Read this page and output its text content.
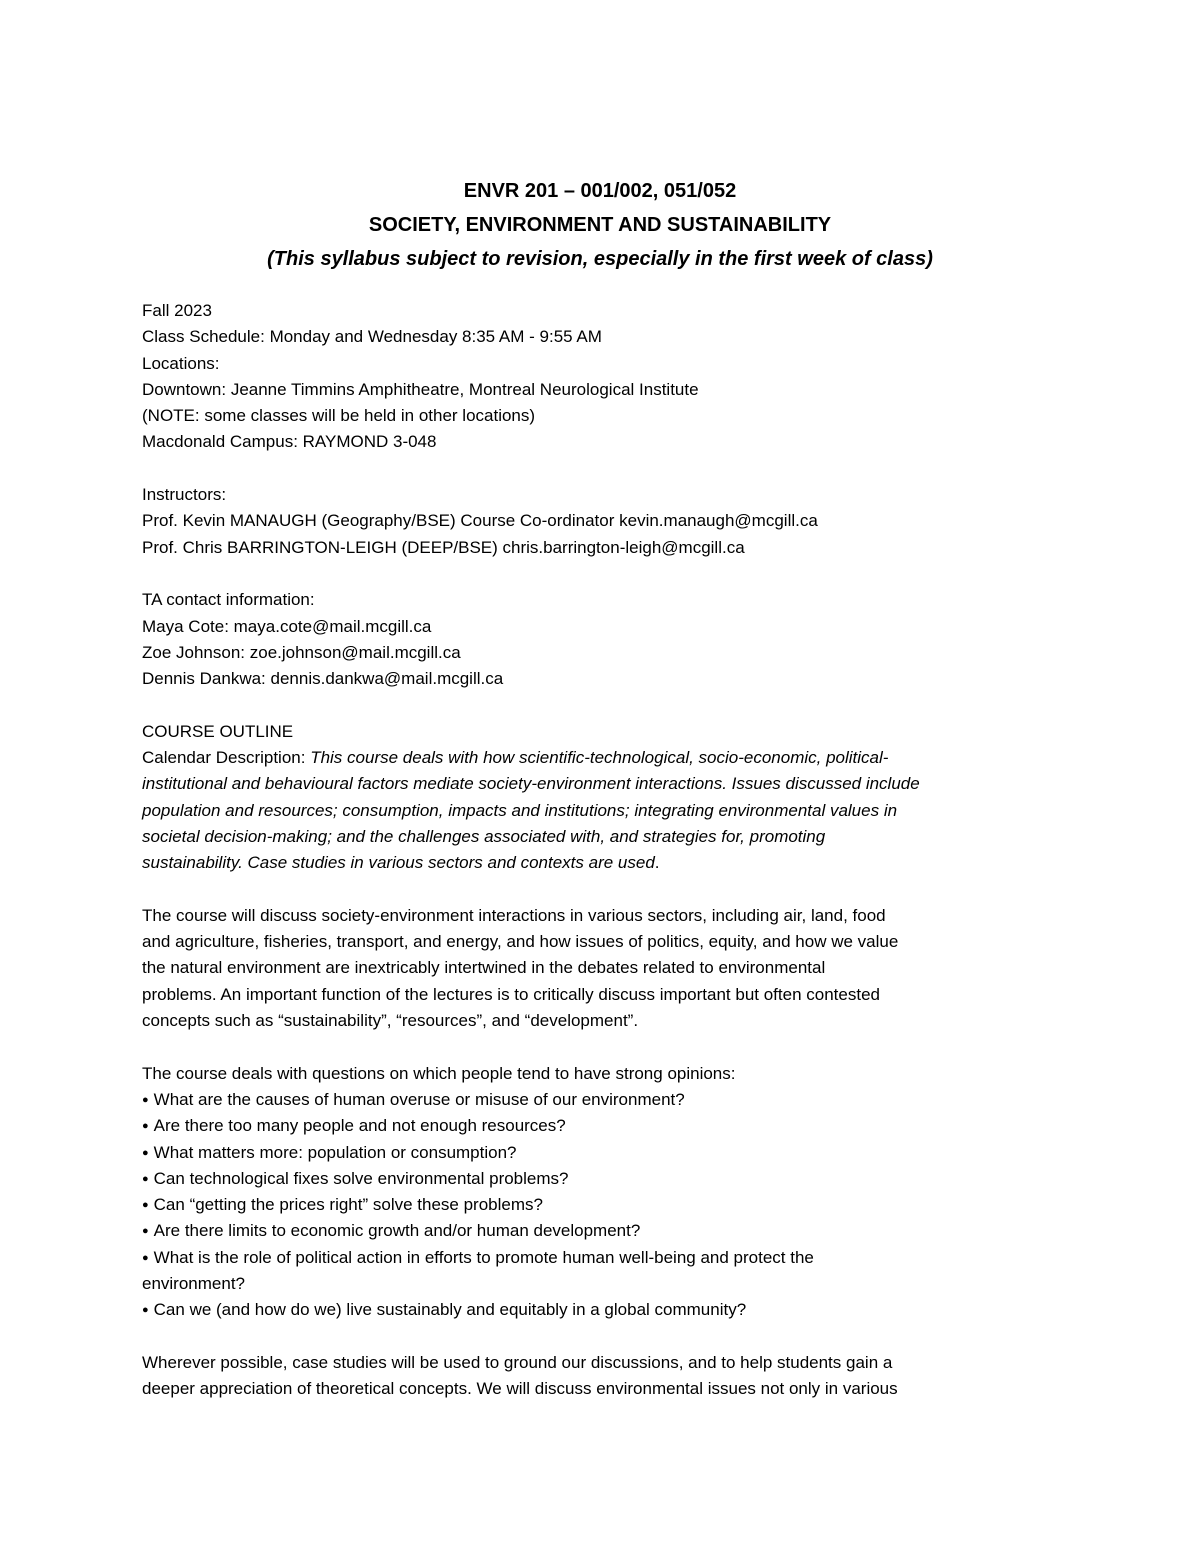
ENVR 201 – 001/002, 051/052
SOCIETY, ENVIRONMENT AND SUSTAINABILITY
(This syllabus subject to revision, especially in the first week of class)
Fall 2023
Class Schedule: Monday and Wednesday 8:35 AM - 9:55 AM
Locations:
Downtown: Jeanne Timmins Amphitheatre, Montreal Neurological Institute
(NOTE: some classes will be held in other locations)
Macdonald Campus: RAYMOND 3-048
Instructors:
Prof. Kevin MANAUGH (Geography/BSE) Course Co-ordinator kevin.manaugh@mcgill.ca
Prof. Chris BARRINGTON-LEIGH (DEEP/BSE) chris.barrington-leigh@mcgill.ca
TA contact information:
Maya Cote: maya.cote@mail.mcgill.ca
Zoe Johnson: zoe.johnson@mail.mcgill.ca
Dennis Dankwa: dennis.dankwa@mail.mcgill.ca
COURSE OUTLINE
Calendar Description: This course deals with how scientific-technological, socio-economic, political-
institutional and behavioural factors mediate society-environment interactions. Issues discussed include
population and resources; consumption, impacts and institutions; integrating environmental values in
societal decision-making; and the challenges associated with, and strategies for, promoting
sustainability. Case studies in various sectors and contexts are used.
The course will discuss society-environment interactions in various sectors, including air, land, food
and agriculture, fisheries, transport, and energy, and how issues of politics, equity, and how we value
the natural environment are inextricably intertwined in the debates related to environmental
problems. An important function of the lectures is to critically discuss important but often contested
concepts such as “sustainability”, “resources”, and “development”.
The course deals with questions on which people tend to have strong opinions:
● What are the causes of human overuse or misuse of our environment?
● Are there too many people and not enough resources?
● What matters more: population or consumption?
● Can technological fixes solve environmental problems?
● Can “getting the prices right” solve these problems?
● Are there limits to economic growth and/or human development?
● What is the role of political action in efforts to promote human well-being and protect the
environment?
● Can we (and how do we) live sustainably and equitably in a global community?
Wherever possible, case studies will be used to ground our discussions, and to help students gain a
deeper appreciation of theoretical concepts. We will discuss environmental issues not only in various
